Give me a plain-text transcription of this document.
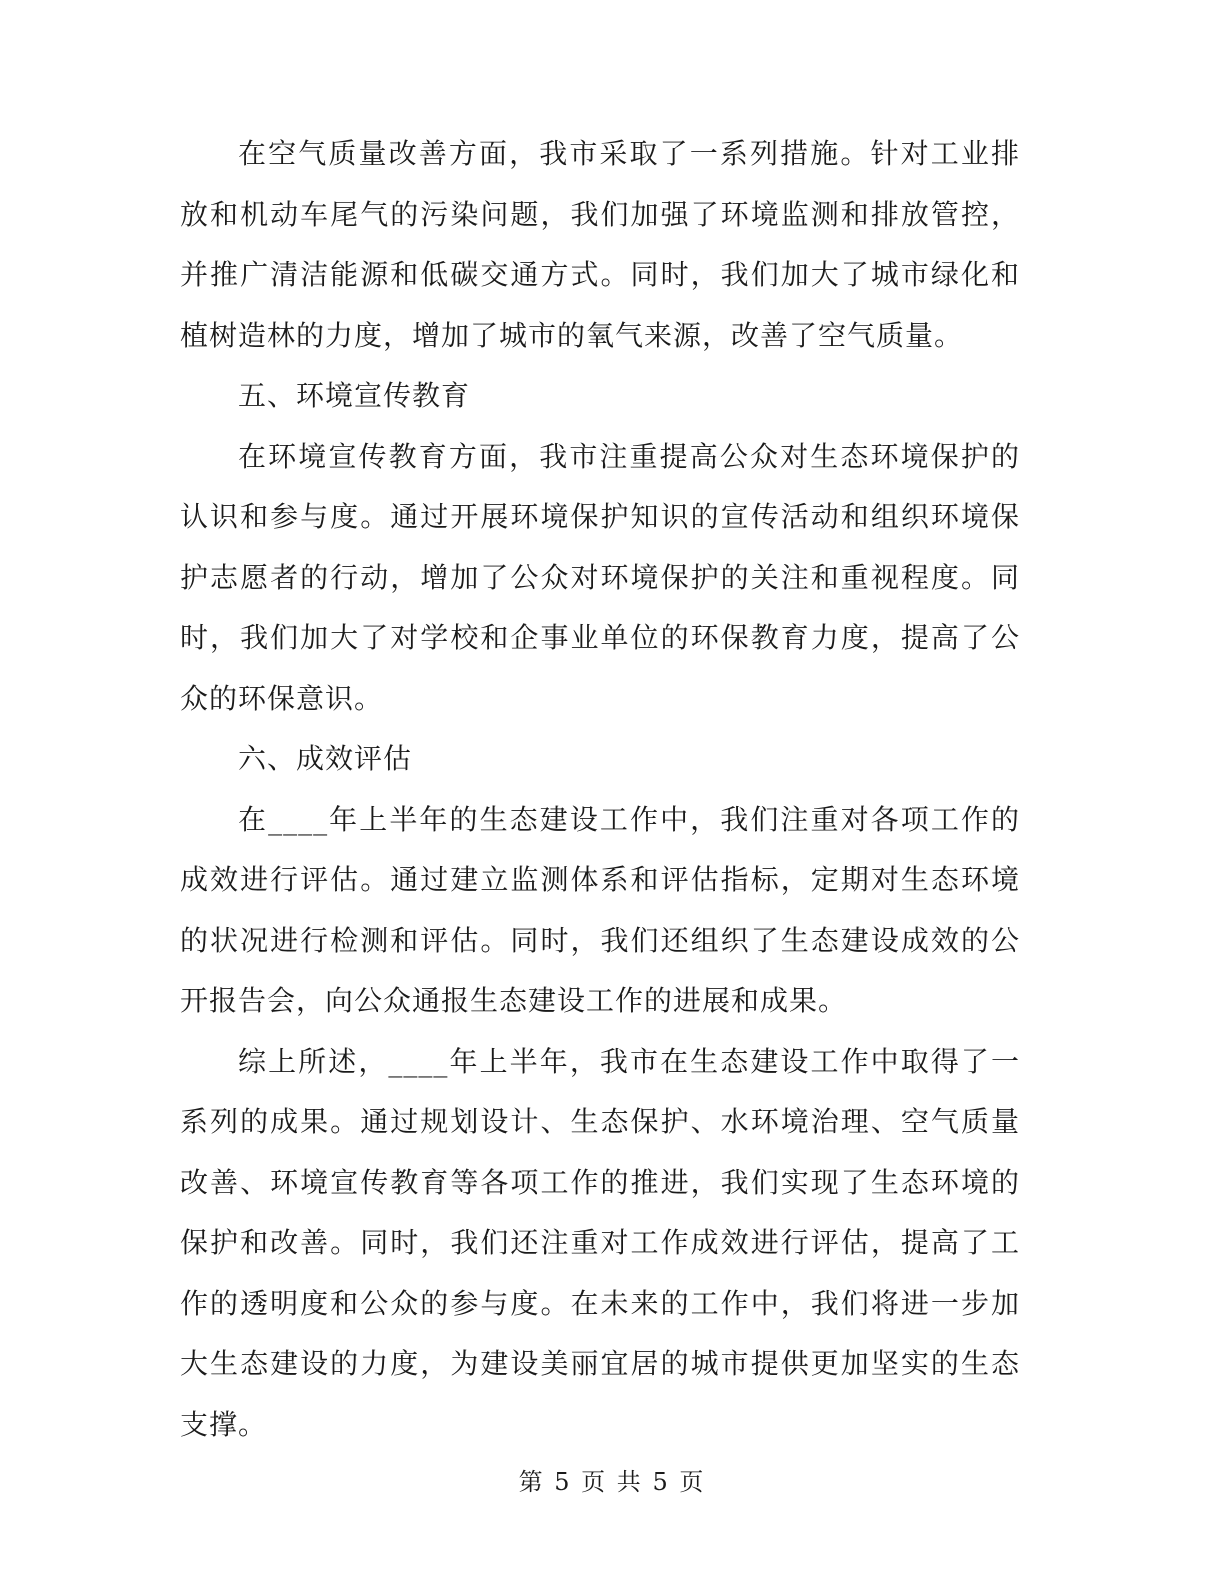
在空气质量改善方面，我市采取了一系列措施。针对工业排放和机动车尾气的污染问题，我们加强了环境监测和排放管控，并推广清洁能源和低碳交通方式。同时，我们加大了城市绿化和植树造林的力度，增加了城市的氧气来源，改善了空气质量。

五、环境宣传教育

在环境宣传教育方面，我市注重提高公众对生态环境保护的认识和参与度。通过开展环境保护知识的宣传活动和组织环境保护志愿者的行动，增加了公众对环境保护的关注和重视程度。同时，我们加大了对学校和企事业单位的环保教育力度，提高了公众的环保意识。

六、成效评估

在____年上半年的生态建设工作中，我们注重对各项工作的成效进行评估。通过建立监测体系和评估指标，定期对生态环境的状况进行检测和评估。同时，我们还组织了生态建设成效的公开报告会，向公众通报生态建设工作的进展和成果。

综上所述，____年上半年，我市在生态建设工作中取得了一系列的成果。通过规划设计、生态保护、水环境治理、空气质量改善、环境宣传教育等各项工作的推进，我们实现了生态环境的保护和改善。同时，我们还注重对工作成效进行评估，提高了工作的透明度和公众的参与度。在未来的工作中，我们将进一步加大生态建设的力度，为建设美丽宜居的城市提供更加坚实的生态支撑。

第 5 页 共 5 页
